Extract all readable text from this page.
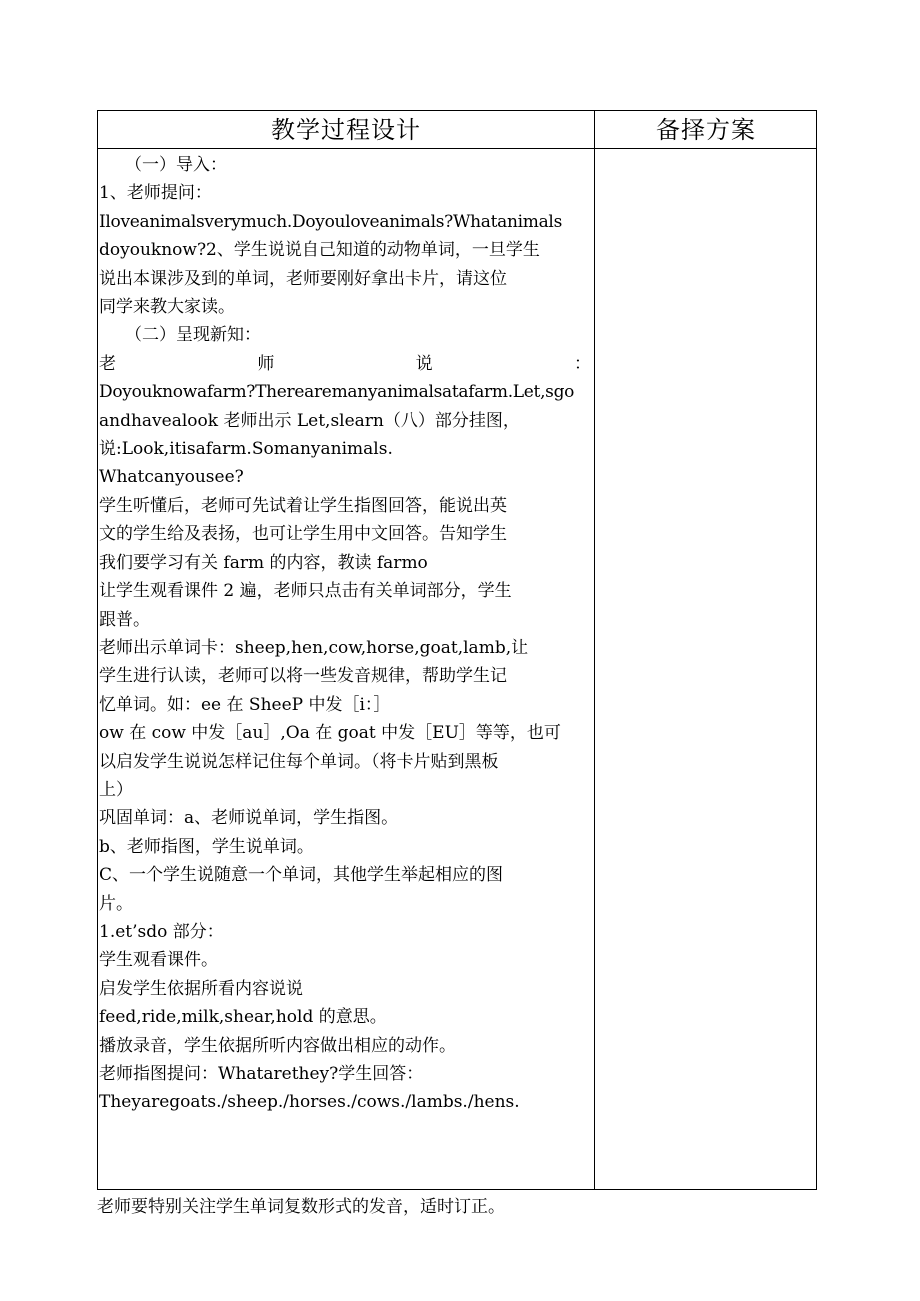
教学过程设计	备择方案
（一）导入：
1、老师提问：
Iloveanimalsverymuch.Doyouloveanimals?Whatanimals
doyouknow?2、学生说说自己知道的动物单词，一旦学生
说出本课涉及到的单词，老师要刚好拿出卡片，请这位
同学来教大家读。
（二）呈现新知：
老	师	说	：
Doyouknowafarm?Therearemanyanimalsatafarm.Let,sgo
andhavealook 老师出示 Let,slearn（八）部分挂图，
说:Look,itisafarm.Somanyanimals.
Whatcanyousee?
学生听懂后，老师可先试着让学生指图回答，能说出英
文的学生给及表扬，也可让学生用中文回答。告知学生
我们要学习有关 farm 的内容，教读 farmo
让学生观看课件 2 遍，老师只点击有关单词部分，学生
跟普。
老师出示单词卡：sheep,hen,cow,horse,goat,lamb,让
学生进行认读，老师可以将一些发音规律，帮助学生记
忆单词。如：ee 在 SheeP 中发［i：］
ow 在 cow 中发［au］,Oa 在 goat 中发［EU］等等，也可
以启发学生说说怎样记住每个单词。（将卡片贴到黑板
上）
巩固单词：a、老师说单词，学生指图。
b、老师指图，学生说单词。
C、一个学生说随意一个单词，其他学生举起相应的图
片。
1.et’sdo 部分：
学生观看课件。
启发学生依据所看内容说说
feed,ride,milk,shear,hold 的意思。
播放录音，学生依据所听内容做出相应的动作。
老师指图提问：Whatarethey?学生回答：
Theyaregoats./sheep./horses./cows./lambs./hens.
老师要特别关注学生单词复数形式的发音，适时订正。
